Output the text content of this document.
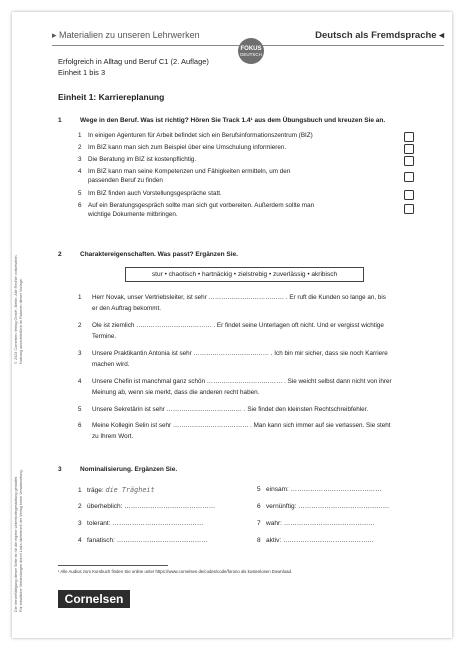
▸ Materialien zu unseren Lehrwerken	Deutsch als Fremdsprache ◂
FOKUS
DEUTSCH
Erfolgreich in Alltag und Beruf C1 (2. Auflage)
Einheit 1 bis 3
Einheit 1: Karriereplanung
© 2023 Cornelsen Verlag GmbH, Berlin. Alle Rechte vorbehalten. Nutzung ausschließlich im Rahmen dieser Vorlage.
Die Vervielfältigung dieser Seite ist für die eigene Unterrichtsgestaltung gestattet. Für inhaltliche Verbindungen durch Links übernimmt der Verlag keine Verantwortung.
1	Wege in den Beruf. Was ist richtig? Hören Sie Track 1.4¹ aus dem Übungsbuch und kreuzen Sie an.
1 In einigen Agenturen für Arbeit befindet sich ein Berufsinformationszentrum (BIZ)
2 Im BIZ kann man sich zum Beispiel über eine Umschulung informieren.
3 Die Beratung im BIZ ist kostenpflichtig.
4 Im BIZ kann man seine Kompetenzen und Fähigkeiten ermitteln, um den passenden Beruf zu finden
5 Im BIZ finden auch Vorstellungsgespräche statt.
6 Auf ein Beratungsgespräch sollte man sich gut vorbereiten. Außerdem sollte man wichtige Dokumente mitbringen.
2	Charaktereigenschaften. Was passt? Ergänzen Sie.
stur • chaotisch • hartnäckig • zielstrebig • zuverlässig • akribisch
1 Herr Novak, unser Vertriebsleiter, ist sehr ……………………………… . Er ruft die Kunden so lange an, bis er den Auftrag bekommt.
2 Ole ist ziemlich ……………………………… . Er findet seine Unterlagen oft nicht. Und er vergisst wichtige Termine.
3 Unsere Praktikantin Antonia ist sehr ……………………………… . Ich bin mir sicher, dass sie noch Karriere machen wird.
4 Unsere Chefin ist manchmal ganz schön ……………………………… . Sie weicht selbst dann nicht von ihrer Meinung ab, wenn sie merkt, dass die anderen recht haben.
5 Unsere Sekretärin ist sehr ……………………………… . Sie findet den kleinsten Rechtschreibfehler.
6 Meine Kollegin Selin ist sehr ……………………………… . Man kann sich immer auf sie verlassen. Sie steht zu Ihrem Wort.
3	Nominalisierung. Ergänzen Sie.
1 träge: die Trägheit
2 überheblich: ……………………………………
3 tolerant: ……………………………………
4 fanatisch: ……………………………………
5 einsam: ……………………………………
6 vernünftig: ……………………………………
7 wahr: ……………………………………
8 aktiv: ……………………………………
¹ Alle Audios zum Kursbuch finden Sie online unter https://www.cornelsen.de/codes/code/forono als kostenlosen Download.
Cornelsen
